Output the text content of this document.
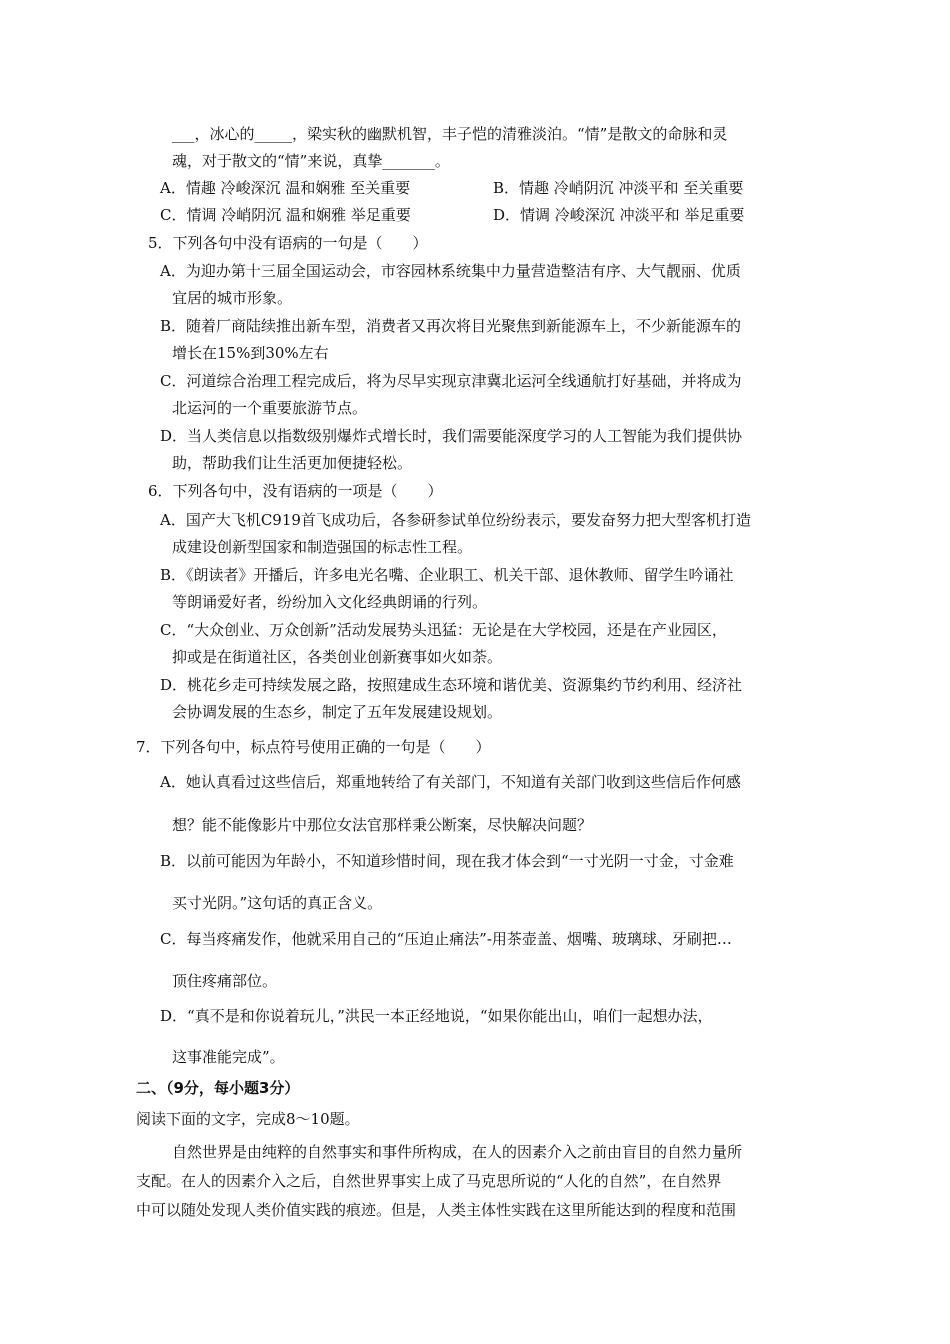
___，冰心的_____，梁实秋的幽默机智，丰子恺的清雅淡泊。“情”是散文的命脉和灵
魂，对于散文的“情”来说，真挚_______。
A．情趣 冷峻深沉 温和娴雅 至关重要	B．情趣 冷峭阴沉 冲淡平和 至关重要
C．情调 冷峭阴沉 温和娴雅 举足重要	D．情调 冷峻深沉 冲淡平和 举足重要
5．下列各句中没有语病的一句是（　　）
A．为迎办第十三届全国运动会，市容园林系统集中力量营造整洁有序、大气靓丽、优质
宜居的城市形象。
B．随着厂商陆续推出新车型，消费者又再次将目光聚焦到新能源车上，不少新能源车的
增长在15%到30%左右
C．河道综合治理工程完成后，将为尽早实现京津冀北运河全线通航打好基础，并将成为
北运河的一个重要旅游节点。
D．当人类信息以指数级别爆炸式增长时，我们需要能深度学习的人工智能为我们提供协
助，帮助我们让生活更加便捷轻松。
6．下列各句中，没有语病的一项是（　　）
A．国产大飞机C919首飞成功后，各参研参试单位纷纷表示，要发奋努力把大型客机打造
成建设创新型国家和制造强国的标志性工程。
B．《朗读者》开播后，许多电光名嘴、企业职工、机关干部、退休教师、留学生吟诵社
等朗诵爱好者，纷纷加入文化经典朗诵的行列。
C．“大众创业、万众创新”活动发展势头迅猛：无论是在大学校园，还是在产业园区，
抑或是在街道社区，各类创业创新赛事如火如荼。
D．桃花乡走可持续发展之路，按照建成生态环境和谐优美、资源集约节约利用、经济社
会协调发展的生态乡，制定了五年发展建设规划。
7．下列各句中，标点符号使用正确的一句是（　　）
A．她认真看过这些信后，郑重地转给了有关部门，不知道有关部门收到这些信后作何感
想？能不能像影片中那位女法官那样秉公断案，尽快解决问题？
B．以前可能因为年龄小，不知道珍惜时间，现在我才体会到“一寸光阴一寸金，寸金难
买寸光阴。”这句话的真正含义。
C．每当疼痛发作，他就采用自己的“压迫止痛法”-用茶壶盖、烟嘴、玻璃球、牙刷把…
顶住疼痛部位。
D．“真不是和你说着玩儿，”洪民一本正经地说，“如果你能出山，咱们一起想办法，
这事准能完成”。
二、（9分，每小题3分）
阅读下面的文字，完成8～10题。
自然世界是由纯粹的自然事实和事件所构成，在人的因素介入之前由盲目的自然力量所
支配。在人的因素介入之后，自然世界事实上成了马克思所说的“人化的自然”，在自然界
中可以随处发现人类价值实践的痕迹。但是，人类主体性实践在这里所能达到的程度和范围
